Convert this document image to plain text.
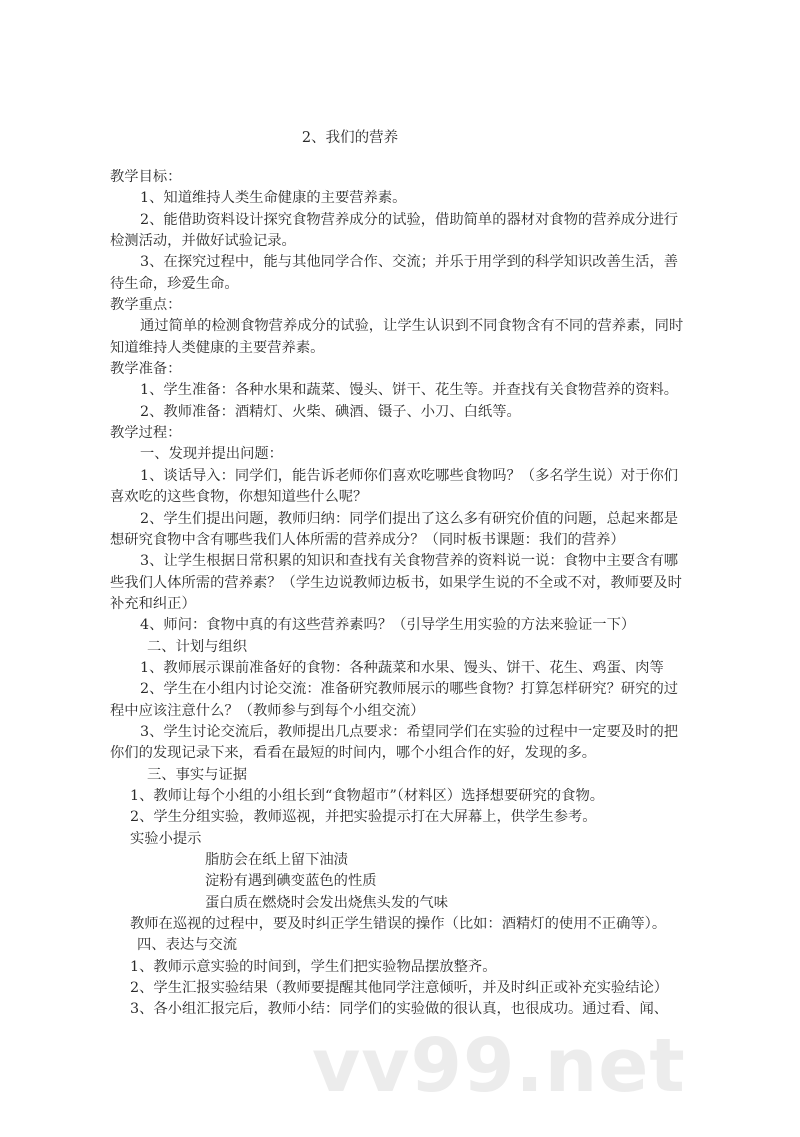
vv99.net
2、我们的营养
教学目标：
1、知道维持人类生命健康的主要营养素。
2、能借助资料设计探究食物营养成分的试验，借助简单的器材对食物的营养成分进行
检测活动，并做好试验记录。
3、在探究过程中，能与其他同学合作、交流；并乐于用学到的科学知识改善生活，善
待生命，珍爱生命。
教学重点：
通过简单的检测食物营养成分的试验，让学生认识到不同食物含有不同的营养素，同时
知道维持人类健康的主要营养素。
教学准备：
1、学生准备：各种水果和蔬菜、馒头、饼干、花生等。并查找有关食物营养的资料。
2、教师准备：酒精灯、火柴、碘酒、镊子、小刀、白纸等。
教学过程：
一、发现并提出问题：
1、谈话导入：同学们，能告诉老师你们喜欢吃哪些食物吗？（多名学生说）对于你们
喜欢吃的这些食物，你想知道些什么呢？
2、学生们提出问题，教师归纳：同学们提出了这么多有研究价值的问题，总起来都是
想研究食物中含有哪些我们人体所需的营养成分？（同时板书课题：我们的营养）
3、让学生根据日常积累的知识和查找有关食物营养的资料说一说：食物中主要含有哪
些我们人体所需的营养素？（学生边说教师边板书，如果学生说的不全或不对，教师要及时
补充和纠正）
4、师问：食物中真的有这些营养素吗？（引导学生用实验的方法来验证一下）
二、计划与组织
1、教师展示课前准备好的食物：各种蔬菜和水果、馒头、饼干、花生、鸡蛋、肉等
2、学生在小组内讨论交流：准备研究教师展示的哪些食物？打算怎样研究？研究的过
程中应该注意什么？（教师参与到每个小组交流）
3、学生讨论交流后，教师提出几点要求：希望同学们在实验的过程中一定要及时的把
你们的发现记录下来，看看在最短的时间内，哪个小组合作的好，发现的多。
三、事实与证据
1、教师让每个小组的小组长到“食物超市”（材料区）选择想要研究的食物。
2、学生分组实验，教师巡视，并把实验提示打在大屏幕上，供学生参考。
实验小提示
脂肪会在纸上留下油渍
淀粉有遇到碘变蓝色的性质
蛋白质在燃烧时会发出烧焦头发的气味
教师在巡视的过程中，要及时纠正学生错误的操作（比如：酒精灯的使用不正确等）。
四、表达与交流
1、教师示意实验的时间到，学生们把实验物品摆放整齐。
2、学生汇报实验结果（教师要提醒其他同学注意倾听，并及时纠正或补充实验结论）
3、各小组汇报完后，教师小结：同学们的实验做的很认真，也很成功。通过看、闻、
